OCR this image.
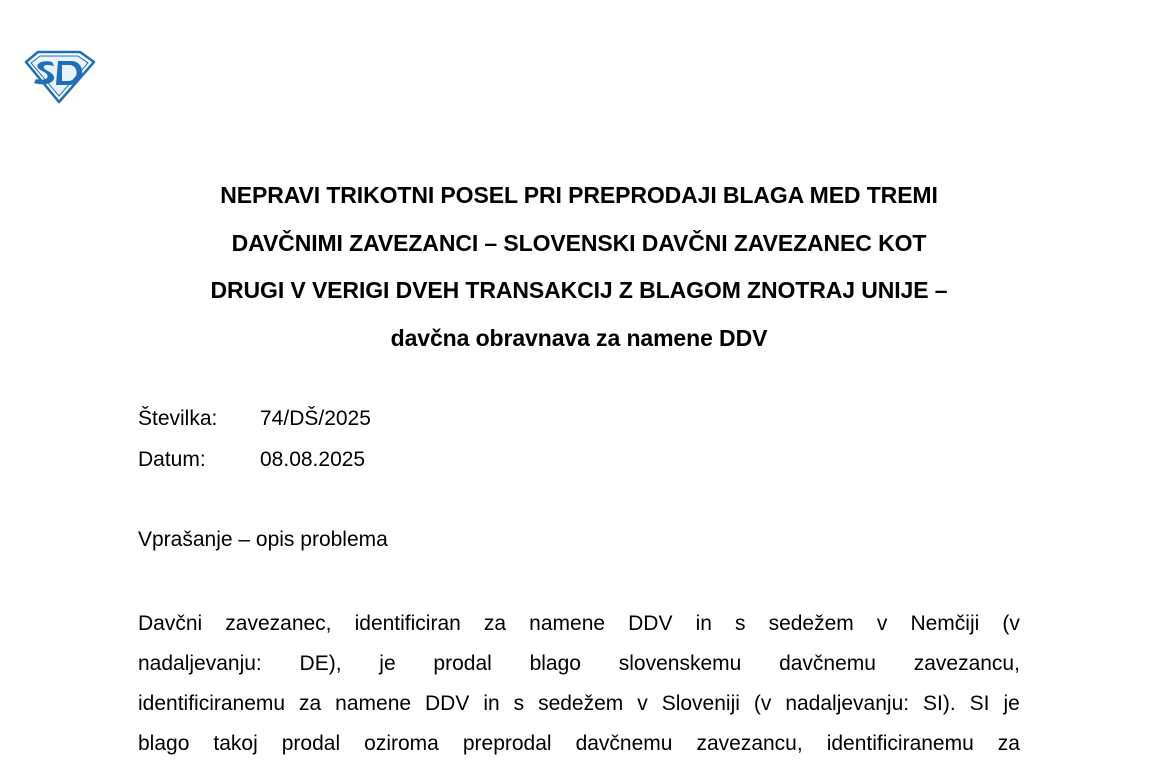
SD
NEPRAVI TRIKOTNI POSEL PRI PREPRODAJI BLAGA MED TREMI
DAVČNIMI ZAVEZANCI – SLOVENSKI DAVČNI ZAVEZANEC KOT
DRUGI V VERIGI DVEH TRANSAKCIJ Z BLAGOM ZNOTRAJ UNIJE –
davčna obravnava za namene DDV
Številka: 74/DŠ/2025
Datum:	08.08.2025
Vprašanje – opis problema
Davčni zavezanec, identificiran za namene DDV in s sedežem v Nemčiji (v
nadaljevanju: DE), je prodal blago slovenskemu davčnemu zavezancu,
identificiranemu za namene DDV in s sedežem v Sloveniji (v nadaljevanju: SI). SI je
blago takoj prodal oziroma preprodal davčnemu zavezancu, identificiranemu za
